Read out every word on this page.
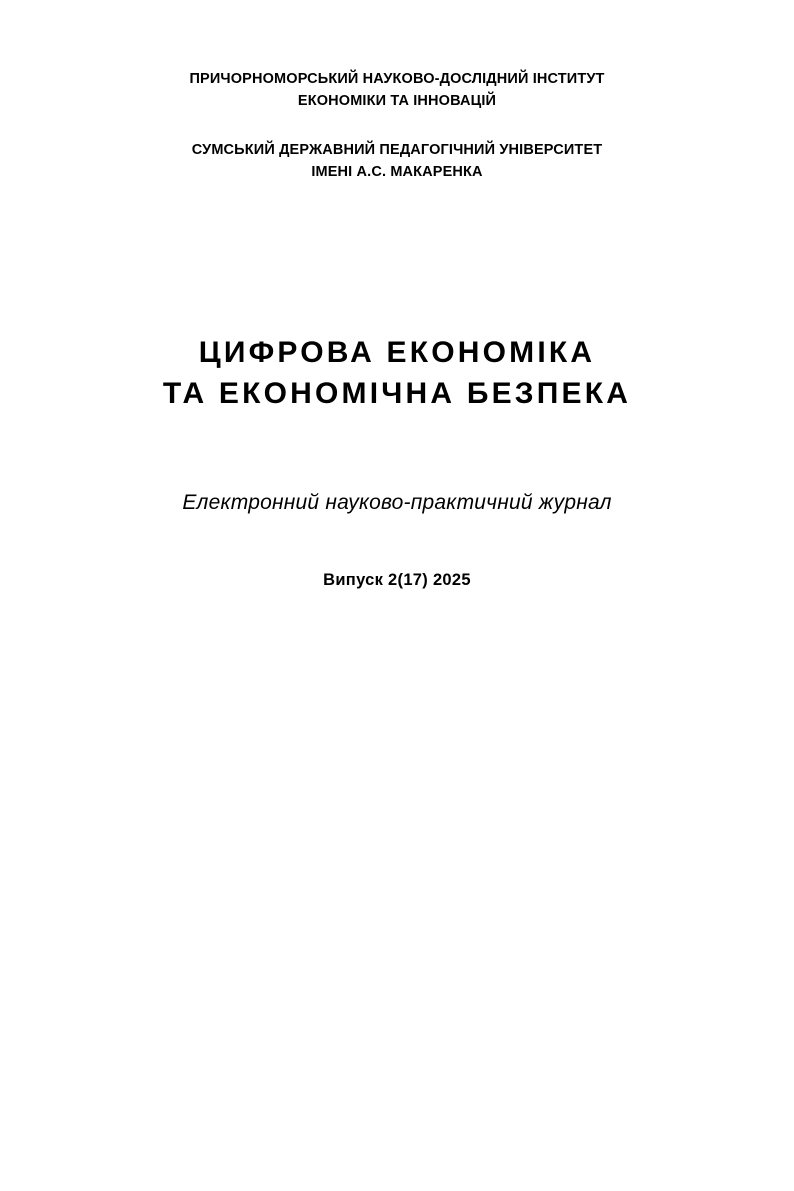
ПРИЧОРНОМОРСЬКИЙ НАУКОВО-ДОСЛІДНИЙ ІНСТИТУТ
ЕКОНОМІКИ ТА ІННОВАЦІЙ
СУМСЬКИЙ ДЕРЖАВНИЙ ПЕДАГОГІЧНИЙ УНІВЕРСИТЕТ
ІМЕНІ А.С. МАКАРЕНКА
ЦИФРОВА ЕКОНОМІКА
ТА ЕКОНОМІЧНА БЕЗПЕКА
Електронний науково-практичний журнал
Випуск 2(17) 2025
